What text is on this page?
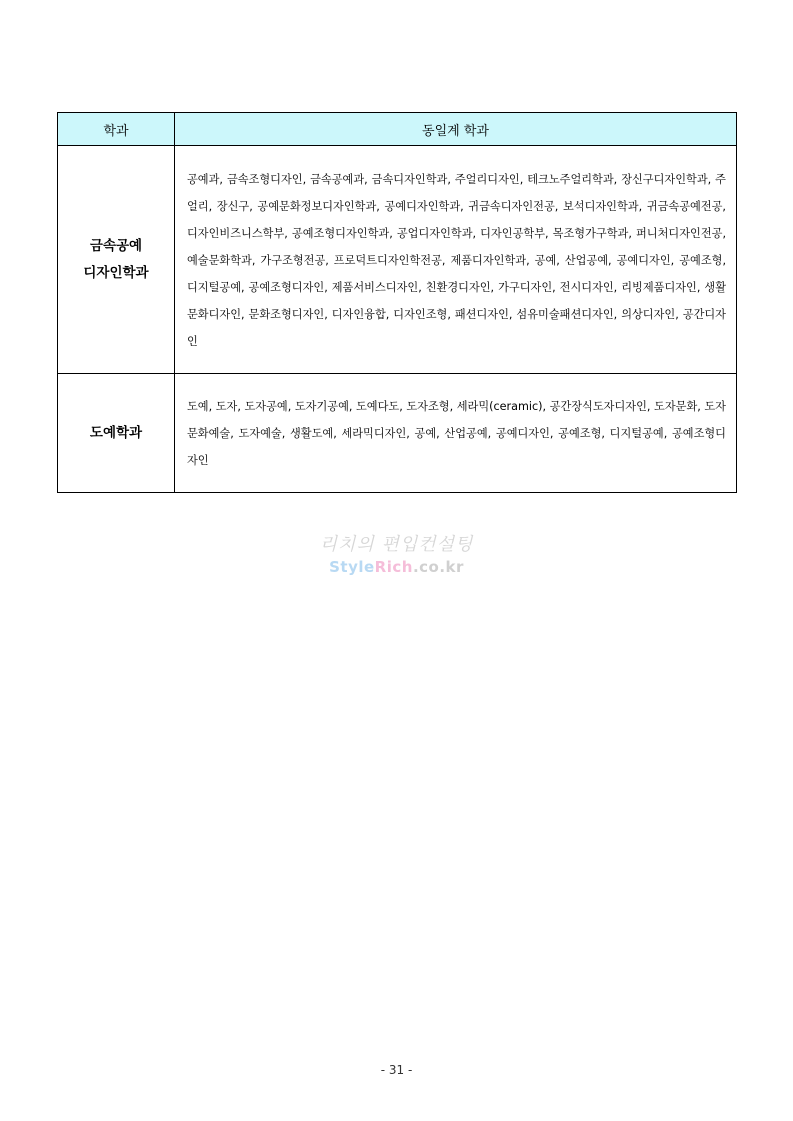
학과	동일계 학과

금속공예
디자인학과	공예과, 금속조형디자인, 금속공예과, 금속디자인학과, 주얼리디자인, 테크노주얼리학과, 장신구디자인학과, 주얼리, 장신구, 공예문화정보디자인학과, 공예디자인학과, 귀금속디자인전공, 보석디자인학과, 귀금속공예전공, 디자인비즈니스학부, 공예조형디자인학과, 공업디자인학과, 디자인공학부, 목조형가구학과, 퍼니처디자인전공, 예술문화학과, 가구조형전공, 프로덕트디자인학전공, 제품디자인학과, 공예, 산업공예, 공예디자인, 공예조형, 디지털공예, 공예조형디자인, 제품서비스디자인, 친환경디자인, 가구디자인, 전시디자인, 리빙제품디자인, 생활문화디자인, 문화조형디자인, 디자인융합, 디자인조형, 패션디자인, 섬유미술패션디자인, 의상디자인, 공간디자인

도예학과	도예, 도자, 도자공예, 도자기공예, 도예다도, 도자조형, 세라믹(ceramic), 공간장식도자디자인, 도자문화, 도자문화예술, 도자예술, 생활도예, 세라믹디자인, 공예, 산업공예, 공예디자인, 공예조형, 디지털공예, 공예조형디자인
리치의 편입컨설팅
StyleRich.co.kr
- 31 -
